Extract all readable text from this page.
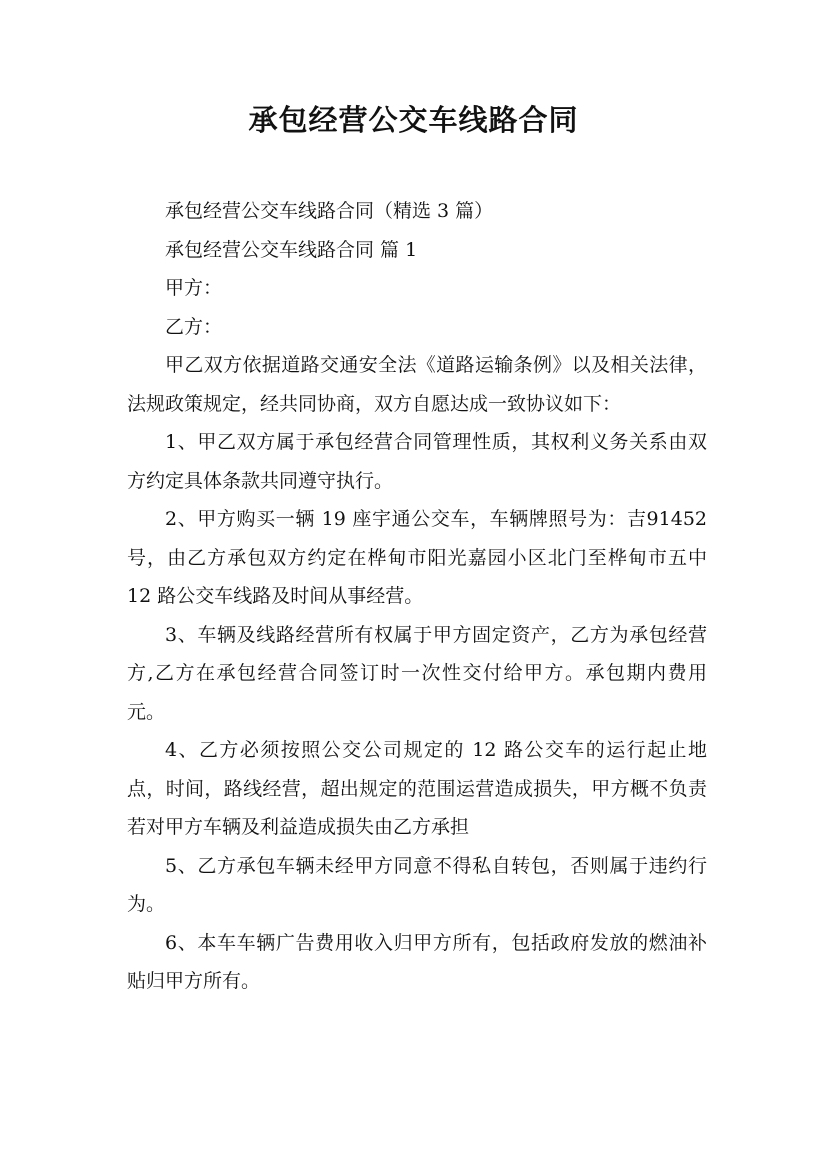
承包经营公交车线路合同

承包经营公交车线路合同（精选 3 篇）

承包经营公交车线路合同 篇 1

甲方：

乙方：

甲乙双方依据道路交通安全法《道路运输条例》以及相关法律，法规政策规定，经共同协商，双方自愿达成一致协议如下：

1、甲乙双方属于承包经营合同管理性质，其权利义务关系由双方约定具体条款共同遵守执行。

2、甲方购买一辆 19 座宇通公交车，车辆牌照号为：吉91452 号，由乙方承包双方约定在桦甸市阳光嘉园小区北门至桦甸市五中 12 路公交车线路及时间从事经营。

3、车辆及线路经营所有权属于甲方固定资产，乙方为承包经营方,乙方在承包经营合同签订时一次性交付给甲方。承包期内费用 元。

4、乙方必须按照公交公司规定的 12 路公交车的运行起止地点，时间，路线经营，超出规定的范围运营造成损失，甲方概不负责若对甲方车辆及利益造成损失由乙方承担

5、乙方承包车辆未经甲方同意不得私自转包，否则属于违约行为。

6、本车车辆广告费用收入归甲方所有，包括政府发放的燃油补贴归甲方所有。
